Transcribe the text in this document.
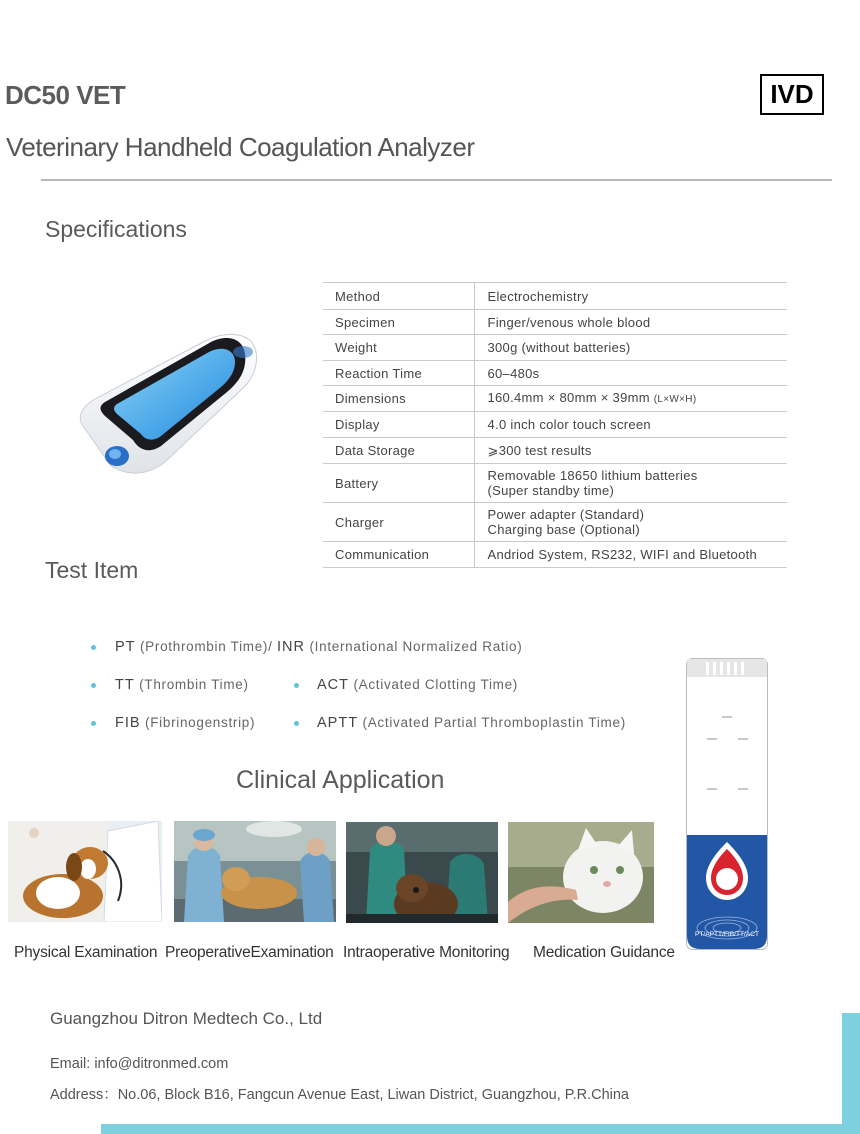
DC50 VET	IVD
Veterinary Handheld Coagulation Analyzer
Specifications
Method	Electrochemistry
Specimen	Finger/venous whole blood
Weight	300g (without batteries)
Reaction Time	60–480s
Dimensions	160.4mm × 80mm × 39mm (L×W×H)
Display	4.0 inch color touch screen
Data Storage	⩾300 test results
Battery	Removable 18650 lithium batteries
(Super standby time)

Charger	Power adapter (Standard)
Charging base (Optional)

Communication	Andriod System, RS232, WIFI and Bluetooth
Test Item
PT (Prothrombin Time)/ INR (International Normalized Ratio)
TT (Thrombin Time)	ACT (Activated Clotting Time)
FIB (Fibrinogenstrip)	APTT (Activated Partial Thromboplastin Time)
PT/APTT/FIB/TT/ACT
Clinical Application
Physical Examination PreoperativeExamination Intraoperative Monitoring Medication Guidance
Guangzhou Ditron Medtech Co., Ltd
Email: info@ditronmed.com
Address：No.06, Block B16, Fangcun Avenue East, Liwan District, Guangzhou, P.R.China
